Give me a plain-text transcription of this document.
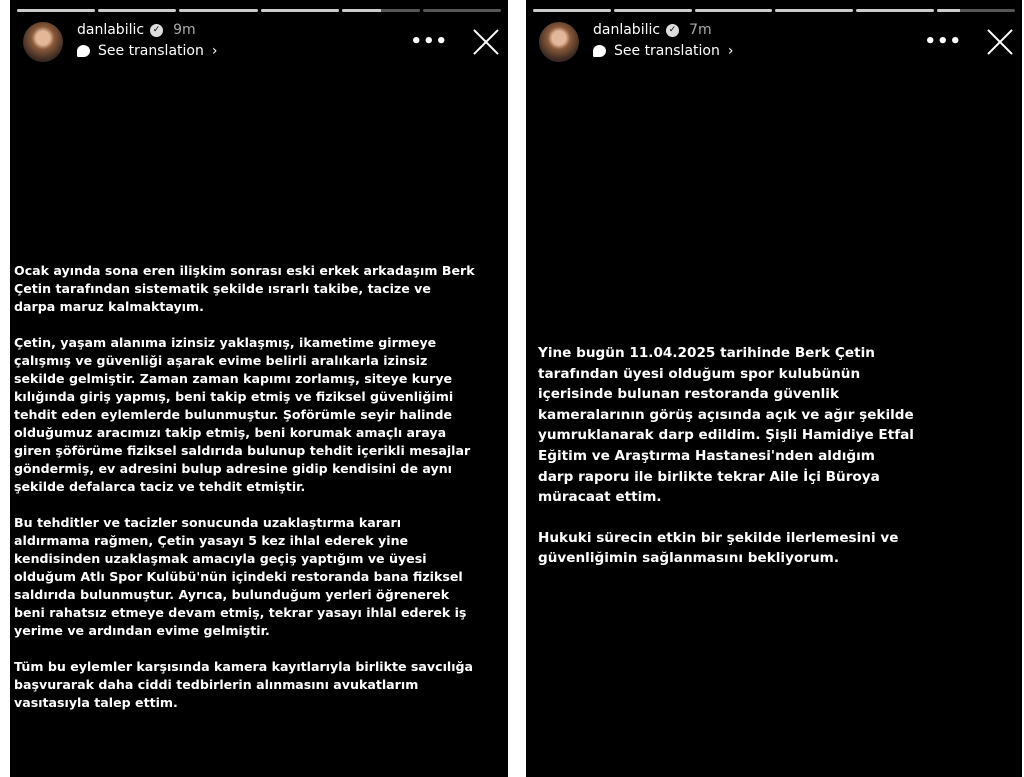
danlabilic ✓ 9m
See translation ›	•••
Ocak ayında sona eren ilişkim sonrası eski erkek arkadaşım Berk
Çetin tarafından sistematik şekilde ısrarlı takibe, tacize ve
darpa maruz kalmaktayım.
Çetin, yaşam alanıma izinsiz yaklaşmış, ikametime girmeye
çalışmış ve güvenliği aşarak evime belirli aralıkarla izinsiz
sekilde gelmiştir. Zaman zaman kapımı zorlamış, siteye kurye
kılığında giriş yapmış, beni takip etmiş ve fiziksel güvenliğimi
tehdit eden eylemlerde bulunmuştur. Şoförümle seyir halinde
olduğumuz aracımızı takip etmiş, beni korumak amaçlı araya
giren şöförüme fiziksel saldırıda bulunup tehdit içerikli mesajlar
göndermiş, ev adresini bulup adresine gidip kendisini de aynı
şekilde defalarca taciz ve tehdit etmiştir.
Bu tehditler ve tacizler sonucunda uzaklaştırma kararı
aldırmama rağmen, Çetin yasayı 5 kez ihlal ederek yine
kendisinden uzaklaşmak amacıyla geçiş yaptığım ve üyesi
olduğum Atlı Spor Kulübü'nün içindeki restoranda bana fiziksel
saldırıda bulunmuştur. Ayrıca, bulunduğum yerleri öğrenerek
beni rahatsız etmeye devam etmiş, tekrar yasayı ihlal ederek iş
yerime ve ardından evime gelmiştir.
Tüm bu eylemler karşısında kamera kayıtlarıyla birlikte savcılığa
başvurarak daha ciddi tedbirlerin alınmasını avukatlarım
vasıtasıyla talep ettim.
danlabilic ✓ 7m
See translation ›	•••
Yine bugün 11.04.2025 tarihinde Berk Çetin
tarafından üyesi olduğum spor kulubünün
içerisinde bulunan restoranda güvenlik
kameralarının görüş açısında açık ve ağır şekilde
yumruklanarak darp edildim. Şişli Hamidiye Etfal
Eğitim ve Araştırma Hastanesi'nden aldığım
darp raporu ile birlikte tekrar Aile İçi Büroya
müracaat ettim.
Hukuki sürecin etkin bir şekilde ilerlemesini ve
güvenliğimin sağlanmasını bekliyorum.
